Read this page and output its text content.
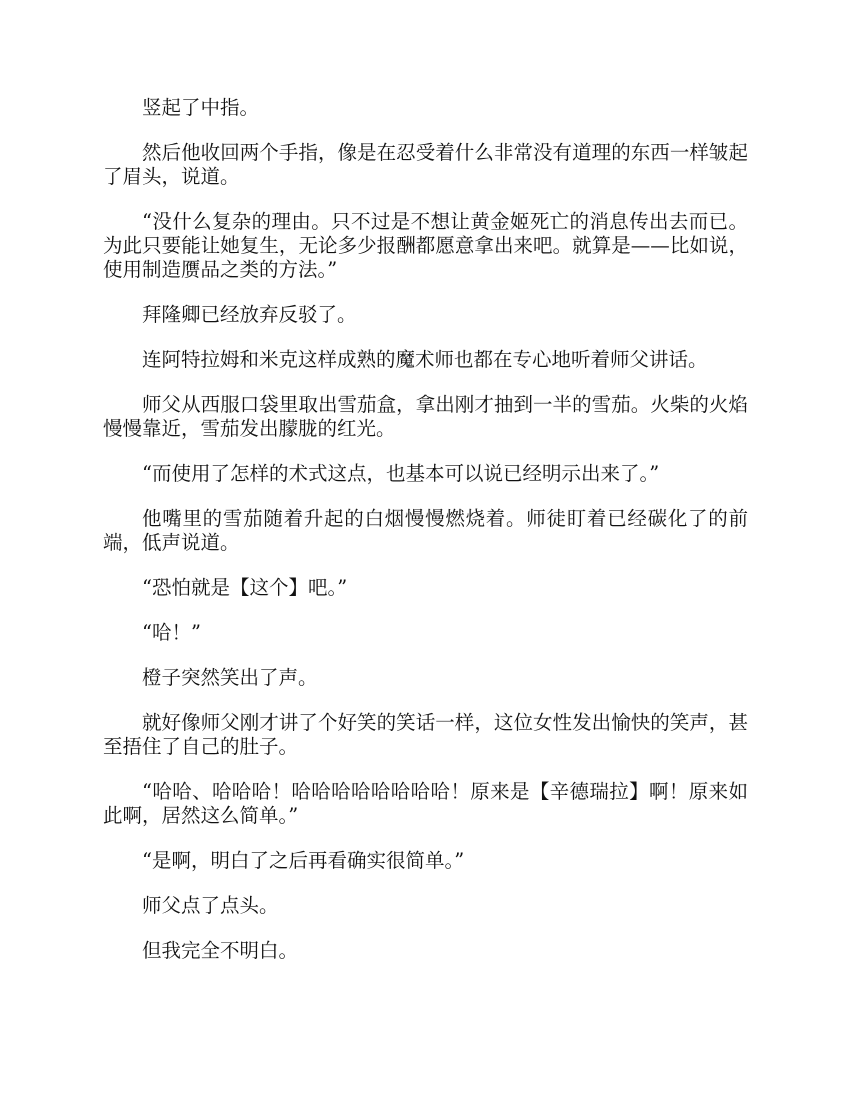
竖起了中指。

然后他收回两个手指，像是在忍受着什么非常没有道理的东西一样皱起了眉头，说道。

“没什么复杂的理由。只不过是不想让黄金姬死亡的消息传出去而已。为此只要能让她复生，无论多少报酬都愿意拿出来吧。就算是——比如说，使用制造赝品之类的方法。”

拜隆卿已经放弃反驳了。

连阿特拉姆和米克这样成熟的魔术师也都在专心地听着师父讲话。

师父从西服口袋里取出雪茄盒，拿出刚才抽到一半的雪茄。火柴的火焰慢慢靠近，雪茄发出朦胧的红光。

“而使用了怎样的术式这点，也基本可以说已经明示出来了。”

他嘴里的雪茄随着升起的白烟慢慢燃烧着。师徒盯着已经碳化了的前端，低声说道。

“恐怕就是【这个】吧。”

“哈！”

橙子突然笑出了声。

就好像师父刚才讲了个好笑的笑话一样，这位女性发出愉快的笑声，甚至捂住了自己的肚子。

“哈哈、哈哈哈！哈哈哈哈哈哈哈哈！原来是【辛德瑞拉】啊！原来如此啊，居然这么简单。”

“是啊，明白了之后再看确实很简单。”

师父点了点头。

但我完全不明白。
